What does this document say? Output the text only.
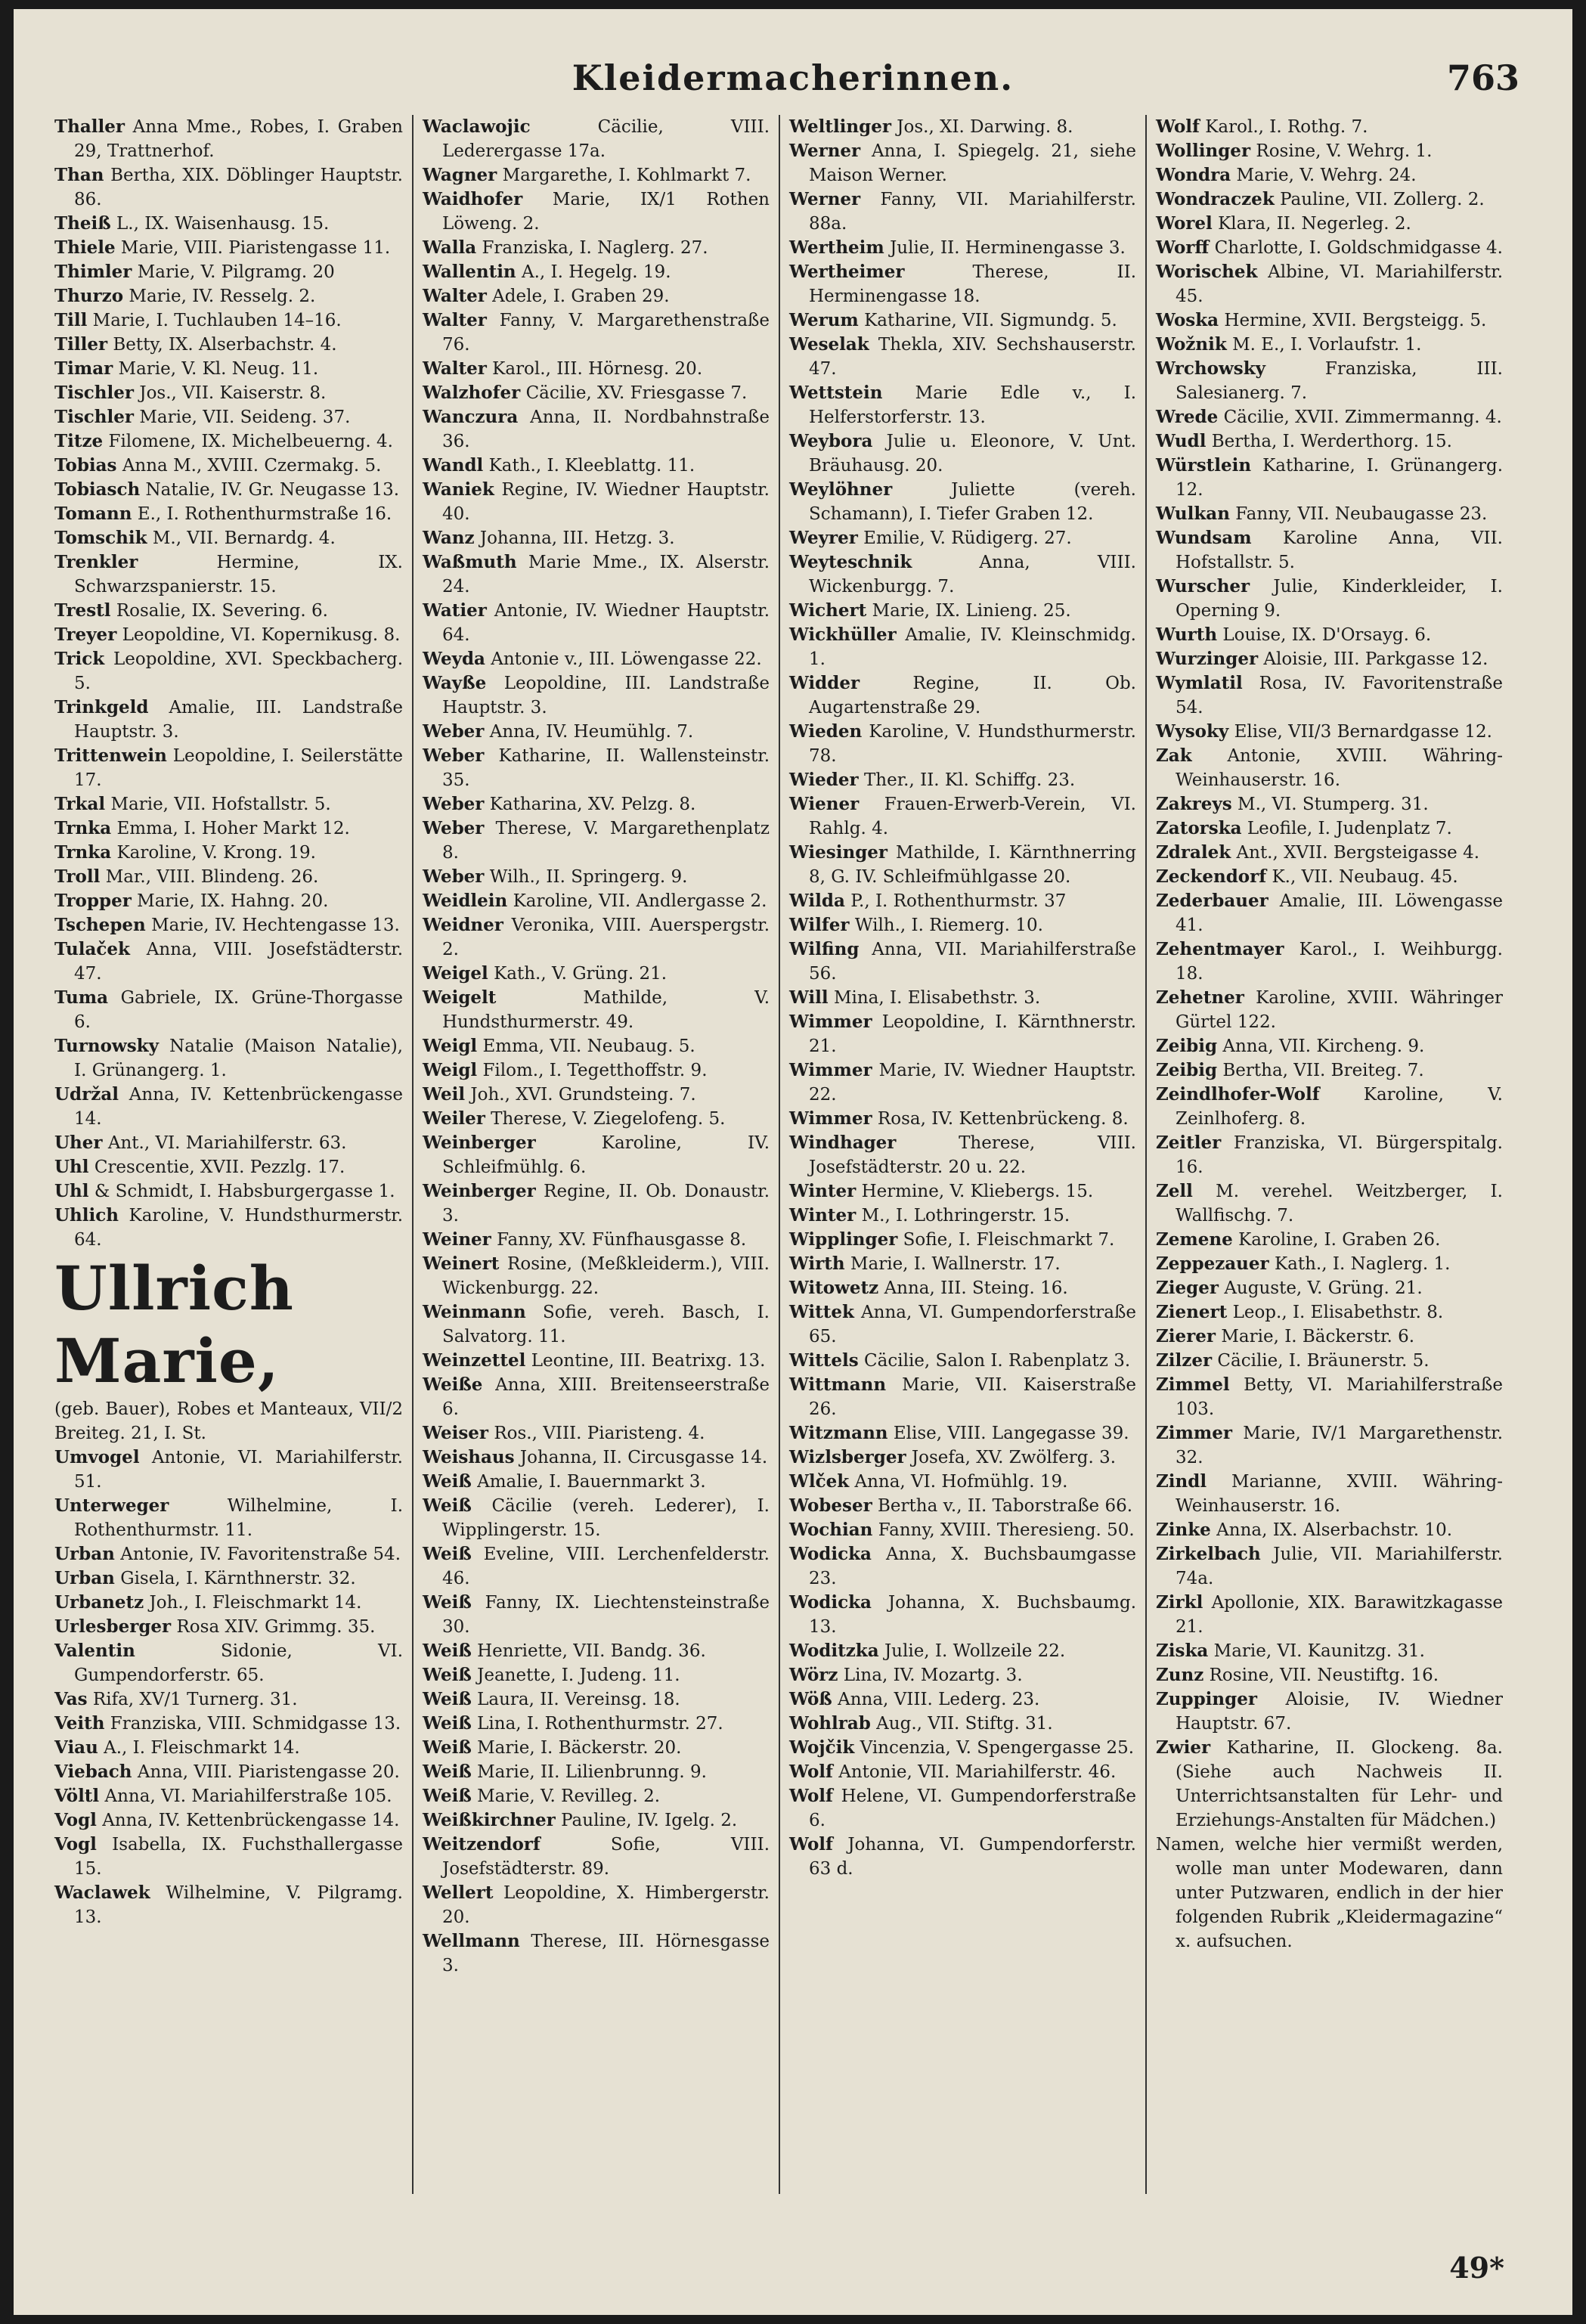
Kleidermacherinnen.	763

Thaller Anna Mme., Robes, I. Graben 29, Trattnerhof.

Than Bertha, XIX. Döblinger Hauptstr. 86.

Theiß L., IX. Waisenhausg. 15.

Thiele Marie, VIII. Piaristengasse 11.

Thimler Marie, V. Pilgramg. 20

Thurzo Marie, IV. Resselg. 2.

Till Marie, I. Tuchlauben 14–16.

Tiller Betty, IX. Alserbachstr. 4.

Timar Marie, V. Kl. Neug. 11.

Tischler Jos., VII. Kaiserstr. 8.

Tischler Marie, VII. Seideng. 37.

Titze Filomene, IX. Michelbeuerng. 4.

Tobias Anna M., XVIII. Czermakg. 5.

Tobiasch Natalie, IV. Gr. Neugasse 13.

Tomann E., I. Rothenthurmstraße 16.

Tomschik M., VII. Bernardg. 4.

Trenkler	Hermine, IX. Schwarzspanierstr. 15.

Trestl Rosalie, IX. Severing. 6.

Treyer Leopoldine, VI. Kopernikusg. 8.

Trick Leopoldine, XVI. Speckbacherg. 5.

Trinkgeld Amalie, III. Landstraße Hauptstr. 3.

Trittenwein Leopoldine, I. Seilerstätte 17.

Trkal Marie, VII. Hofstallstr. 5.

Trnka Emma, I. Hoher Markt 12.

Trnka Karoline, V. Krong. 19.

Troll Mar., VIII. Blindeng. 26.

Tropper Marie, IX. Hahng. 20.

Tschepen Marie, IV. Hechtengasse 13.

Tulaček Anna, VIII. Josefstädterstr. 47.

Tuma Gabriele, IX. Grüne-Thorgasse 6.

Turnowsky Natalie (Maison Natalie), I. Grünangerg. 1.

Udržal Anna, IV. Kettenbrückengasse 14.

Uher Ant., VI. Mariahilferstr. 63.

Uhl Crescentie, XVII. Pezzlg. 17.

Uhl & Schmidt, I. Habsburgergasse 1.

Uhlich Karoline, V. Hundsthurmerstr. 64.

Ullrich Marie,
(geb. Bauer), Robes et Manteaux, VII/2 Breiteg. 21, I. St.

Umvogel Antonie, VI. Mariahilferstr. 51.

Unterweger	Wilhelmine, I. Rothenthurmstr. 11.

Urban Antonie, IV. Favoritenstraße 54.

Urban Gisela, I. Kärnthnerstr. 32.

Urbanetz Joh., I. Fleischmarkt 14.

Urlesberger Rosa XIV. Grimmg. 35.

Valentin	Sidonie, VI. Gumpendorferstr. 65.

Vas Rifa, XV/1 Turnerg. 31.

Veith Franziska, VIII. Schmidgasse 13.

Viau A., I. Fleischmarkt 14.

Viebach Anna, VIII. Piaristengasse 20.

Völtl Anna, VI. Mariahilferstraße 105.

Vogl Anna, IV. Kettenbrückengasse 14.

Vogl Isabella, IX. Fuchsthallergasse 15.

Waclawek Wilhelmine, V. Pilgramg. 13.

Waclawojic	Cäcilie, VIII. Lederergasse 17a.

Wagner Margarethe, I. Kohlmarkt 7.

Waidhofer Marie, IX/1 Rothen Löweng. 2.

Walla Franziska, I. Naglerg. 27.

Wallentin A., I. Hegelg. 19.

Walter Adele, I. Graben 29.

Walter Fanny, V. Margarethenstraße 76.

Walter Karol., III. Hörnesg. 20.

Walzhofer Cäcilie, XV. Friesgasse 7.

Wanczura Anna, II. Nordbahnstraße 36.

Wandl Kath., I. Kleeblattg. 11.

Waniek Regine, IV. Wiedner Hauptstr. 40.

Wanz Johanna, III. Hetzg. 3.

Waßmuth Marie Mme., IX. Alserstr. 24.

Watier Antonie, IV. Wiedner Hauptstr. 64.

Weyda Antonie v., III. Löwengasse 22.

Wayße Leopoldine, III. Landstraße Hauptstr. 3.

Weber Anna, IV. Heumühlg. 7.

Weber Katharine, II. Wallensteinstr. 35.

Weber Katharina, XV. Pelzg. 8.

Weber Therese, V. Margarethenplatz 8.

Weber Wilh., II. Springerg. 9.

Weidlein Karoline, VII. Andlergasse 2.

Weidner Veronika, VIII. Auerspergstr. 2.

Weigel Kath., V. Grüng. 21.

Weigelt	Mathilde, V. Hundsthurmerstr. 49.

Weigl Emma, VII. Neubaug. 5.

Weigl Filom., I. Tegetthoffstr. 9.

Weil Joh., XVI. Grundsteing. 7.

Weiler Therese, V. Ziegelofeng. 5.

Weinberger	Karoline, IV. Schleifmühlg. 6.

Weinberger Regine, II. Ob. Donaustr. 3.

Weiner Fanny, XV. Fünfhausgasse 8.

Weinert Rosine, (Meßkleiderm.), VIII. Wickenburgg. 22.

Weinmann Sofie, vereh. Basch, I. Salvatorg. 11.

Weinzettel Leontine, III. Beatrixg. 13.

Weiße Anna, XIII. Breitenseerstraße 6.

Weiser Ros., VIII. Piaristeng. 4.

Weishaus Johanna, II. Circusgasse 14.

Weiß Amalie, I. Bauernmarkt 3.

Weiß Cäcilie (vereh. Lederer), I. Wipplingerstr. 15.

Weiß Eveline, VIII. Lerchenfelderstr. 46.

Weiß Fanny, IX. Liechtensteinstraße 30.

Weiß Henriette, VII. Bandg. 36.

Weiß Jeanette, I. Judeng. 11.

Weiß Laura, II. Vereinsg. 18.

Weiß Lina, I. Rothenthurmstr. 27.

Weiß Marie, I. Bäckerstr. 20.

Weiß Marie, II. Lilienbrunng. 9.

Weiß Marie, V. Revilleg. 2.

Weißkirchner Pauline, IV. Igelg. 2.

Weitzendorf	Sofie, VIII. Josefstädterstr. 89.

Wellert Leopoldine, X. Himbergerstr. 20.

Wellmann Therese, III. Hörnesgasse 3.

Weltlinger Jos., XI. Darwing. 8.

Werner Anna, I. Spiegelg. 21, siehe Maison Werner.

Werner Fanny, VII. Mariahilferstr. 88a.

Wertheim Julie, II. Herminengasse 3.

Wertheimer	Therese, II. Herminengasse 18.

Werum Katharine, VII. Sigmundg. 5.

Weselak Thekla, XIV. Sechshauserstr. 47.

Wettstein Marie Edle v., I. Helferstorferstr. 13.

Weybora Julie u. Eleonore, V. Unt. Bräuhausg. 20.

Weylöhner	Juliette (vereh. Schamann), I. Tiefer Graben 12.

Weyrer Emilie, V. Rüdigerg. 27.

Weyteschnik	Anna, VIII. Wickenburgg. 7.

Wichert Marie, IX. Linieng. 25.

Wickhüller Amalie, IV. Kleinschmidg. 1.

Widder	Regine, II. Ob. Augartenstraße 29.

Wieden Karoline, V. Hundsthurmerstr. 78.

Wieder Ther., II. Kl. Schiffg. 23.

Wiener Frauen-Erwerb-Verein, VI. Rahlg. 4.

Wiesinger Mathilde, I. Kärnthnerring 8, G. IV. Schleifmühlgasse 20.

Wilda P., I. Rothenthurmstr. 37

Wilfer Wilh., I. Riemerg. 10.

Wilfing Anna, VII. Mariahilferstraße 56.

Will Mina, I. Elisabethstr. 3.

Wimmer Leopoldine, I. Kärnthnerstr. 21.

Wimmer Marie, IV. Wiedner Hauptstr. 22.

Wimmer Rosa, IV. Kettenbrückeng. 8.

Windhager	Therese, VIII. Josefstädterstr. 20 u. 22.

Winter Hermine, V. Kliebergs. 15.

Winter M., I. Lothringerstr. 15.

Wipplinger Sofie, I. Fleischmarkt 7.

Wirth Marie, I. Wallnerstr. 17.

Witowetz Anna, III. Steing. 16.

Wittek Anna, VI. Gumpendorferstraße 65.

Wittels Cäcilie, Salon I. Rabenplatz 3.

Wittmann Marie, VII. Kaiserstraße 26.

Witzmann Elise, VIII. Langegasse 39.

Wizlsberger Josefa, XV. Zwölferg. 3.

Wlček Anna, VI. Hofmühlg. 19.

Wobeser Bertha v., II. Taborstraße 66.

Wochian Fanny, XVIII. Theresieng. 50.

Wodicka Anna, X. Buchsbaumgasse 23.

Wodicka Johanna, X. Buchsbaumg. 13.

Woditzka Julie, I. Wollzeile 22.

Wörz Lina, IV. Mozartg. 3.

Wöß Anna, VIII. Lederg. 23.

Wohlrab Aug., VII. Stiftg. 31.

Wojčik Vincenzia, V. Spengergasse 25.

Wolf Antonie, VII. Mariahilferstr. 46.

Wolf Helene, VI. Gumpendorferstraße 6.

Wolf Johanna, VI. Gumpendorferstr. 63 d.

Wolf Karol., I. Rothg. 7.

Wollinger Rosine, V. Wehrg. 1.

Wondra Marie, V. Wehrg. 24.

Wondraczek Pauline, VII. Zollerg. 2.

Worel Klara, II. Negerleg. 2.

Worff Charlotte, I. Goldschmidgasse 4.

Worischek Albine, VI. Mariahilferstr. 45.

Woska Hermine, XVII. Bergsteigg. 5.

Wožnik M. E., I. Vorlaufstr. 1.

Wrchowsky	Franziska, III. Salesianerg. 7.

Wrede Cäcilie, XVII. Zimmermanng. 4.

Wudl Bertha, I. Werderthorg. 15.

Würstlein Katharine, I. Grünangerg. 12.

Wulkan Fanny, VII. Neubaugasse 23.

Wundsam Karoline Anna, VII. Hofstallstr. 5.

Wurscher Julie, Kinderkleider, I. Operning 9.

Wurth Louise, IX. D'Orsayg. 6.

Wurzinger Aloisie, III. Parkgasse 12.

Wymlatil Rosa, IV. Favoritenstraße 54.

Wysoky Elise, VII/3 Bernardgasse 12.

Zak Antonie, XVIII. Währing-Weinhauserstr. 16.

Zakreys M., VI. Stumperg. 31.

Zatorska Leofile, I. Judenplatz 7.

Zdralek Ant., XVII. Bergsteigasse 4.

Zeckendorf K., VII. Neubaug. 45.

Zederbauer Amalie, III. Löwengasse 41.

Zehentmayer Karol., I. Weihburgg. 18.

Zehetner Karoline, XVIII. Währinger Gürtel 122.

Zeibig Anna, VII. Kircheng. 9.

Zeibig Bertha, VII. Breiteg. 7.

Zeindlhofer-Wolf	Karoline, V. Zeinlhoferg. 8.

Zeitler Franziska, VI. Bürgerspitalg. 16.

Zell M. verehel. Weitzberger, I. Wallfischg. 7.

Zemene Karoline, I. Graben 26.

Zeppezauer Kath., I. Naglerg. 1.

Zieger Auguste, V. Grüng. 21.

Zienert Leop., I. Elisabethstr. 8.

Zierer Marie, I. Bäckerstr. 6.

Zilzer Cäcilie, I. Bräunerstr. 5.

Zimmel Betty, VI. Mariahilferstraße 103.

Zimmer Marie, IV/1 Margarethenstr. 32.

Zindl Marianne, XVIII. Währing-Weinhauserstr. 16.

Zinke Anna, IX. Alserbachstr. 10.

Zirkelbach Julie, VII. Mariahilferstr. 74a.

Zirkl Apollonie, XIX. Barawitzkagasse 21.

Ziska Marie, VI. Kaunitzg. 31.

Zunz Rosine, VII. Neustiftg. 16.

Zuppinger Aloisie, IV. Wiedner Hauptstr. 67.

Zwier Katharine, II. Glockeng. 8a. (Siehe auch Nachweis II. Unterrichtsanstalten für Lehr- und Erziehungs-Anstalten für Mädchen.)

Namen, welche hier vermißt werden, wolle man unter Modewaren, dann unter Putzwaren, endlich in der hier folgenden Rubrik „Kleidermagazine“ x. aufsuchen.

49*
